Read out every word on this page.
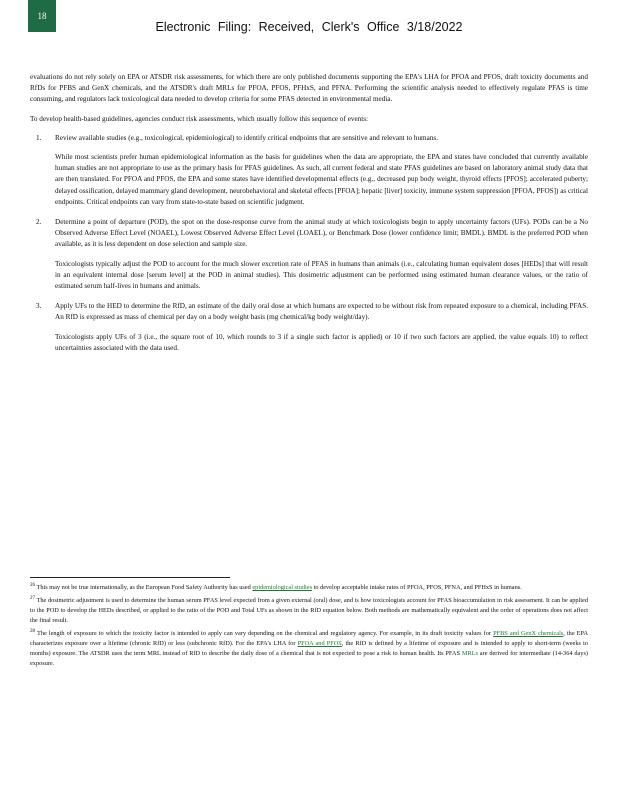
18
Electronic Filing: Received, Clerk's Office 3/18/2022

evaluations do not rely solely on EPA or ATSDR risk assessments, for which there are only published documents supporting the EPA's LHA for PFOA and PFOS, draft toxicity documents and RfDs for PFBS and GenX chemicals, and the ATSDR's draft MRLs for PFOA, PFOS, PFHxS, and PFNA. Performing the scientific analysis needed to effectively regulate PFAS is time consuming, and regulators lack toxicological data needed to develop criteria for some PFAS detected in environmental media.

To develop health-based guidelines, agencies conduct risk assessments, which usually follow this sequence of events:

1. Review available studies (e.g., toxicological, epidemiological) to identify critical endpoints that are sensitive and relevant to humans.

While most scientists prefer human epidemiological information as the basis for guidelines when the data are appropriate, the EPA and states have concluded that currently available human studies are not appropriate to use as the primary basis for PFAS guidelines. As such, all current federal and state PFAS guidelines are based on laboratory animal study data that are then translated. For PFOA and PFOS, the EPA and some states have identified developmental effects (e.g., decreased pup body weight, thyroid effects [PFOS]; accelerated puberty; delayed ossification, delayed mammary gland development, neurobehavioral and skeletal effects [PFOA]; hepatic [liver] toxicity, immune system suppression [PFOA, PFOS]) as critical endpoints. Critical endpoints can vary from state-to-state based on scientific judgment.

2. Determine a point of departure (POD), the spot on the dose-response curve from the animal study at which toxicologists begin to apply uncertainty factors (UFs). PODs can be a No Observed Adverse Effect Level (NOAEL), Lowest Observed Adverse Effect Level (LOAEL), or Benchmark Dose (lower confidence limit; BMDL). BMDL is the preferred POD when available, as it is less dependent on dose selection and sample size.

Toxicologists typically adjust the POD to account for the much slower excretion rate of PFAS in humans than animals (i.e., calculating human equivalent doses [HEDs] that will result in an equivalent internal dose [serum level] at the POD in animal studies). This dosimetric adjustment can be performed using estimated human clearance values, or the ratio of estimated serum half-lives in humans and animals.

3. Apply UFs to the HED to determine the RfD, an estimate of the daily oral dose at which humans are expected to be without risk from repeated exposure to a chemical, including PFAS. An RfD is expressed as mass of chemical per day on a body weight basis (mg chemical/kg body weight/day).

Toxicologists apply UFs of 3 (i.e., the square root of 10, which rounds to 3 if a single such factor is applied) or 10 if two such factors are applied, the value equals 10) to reflect uncertainties associated with the data used.

$^{26}$ This may not be true internationally, as the European Food Safety Authority has used epidemiological studies to develop acceptable intake rates of PFOA, PFOS, PFNA, and PFHxS in humans.

$^{27}$ The dosimetric adjustment is used to determine the human serum PFAS level expected from a given external (oral) dose, and is how toxicologists account for PFAS bioaccumulation in risk assessment. It can be applied to the POD to develop the HEDs described, or applied to the ratio of the POD and Total UFs as shown in the RfD equation below. Both methods are mathematically equivalent and the order of operations does not affect the final result.

$^{28}$ The length of exposure to which the toxicity factor is intended to apply can vary depending on the chemical and regulatory agency. For example, in its draft toxicity values for PFBS and GenX chemicals, the EPA characterizes exposure over a lifetime (chronic RfD) or less (subchronic RfD). For the EPA's LHA for PFOA and PFOS, the RfD is defined by a lifetime of exposure and is intended to apply to short-term (weeks to months) exposure. The ATSDR uses the term MRL instead of RfD to describe the daily dose of a chemical that is not expected to pose a risk to human health. Its PFAS MRLs are derived for intermediate (14-364 days) exposure.
